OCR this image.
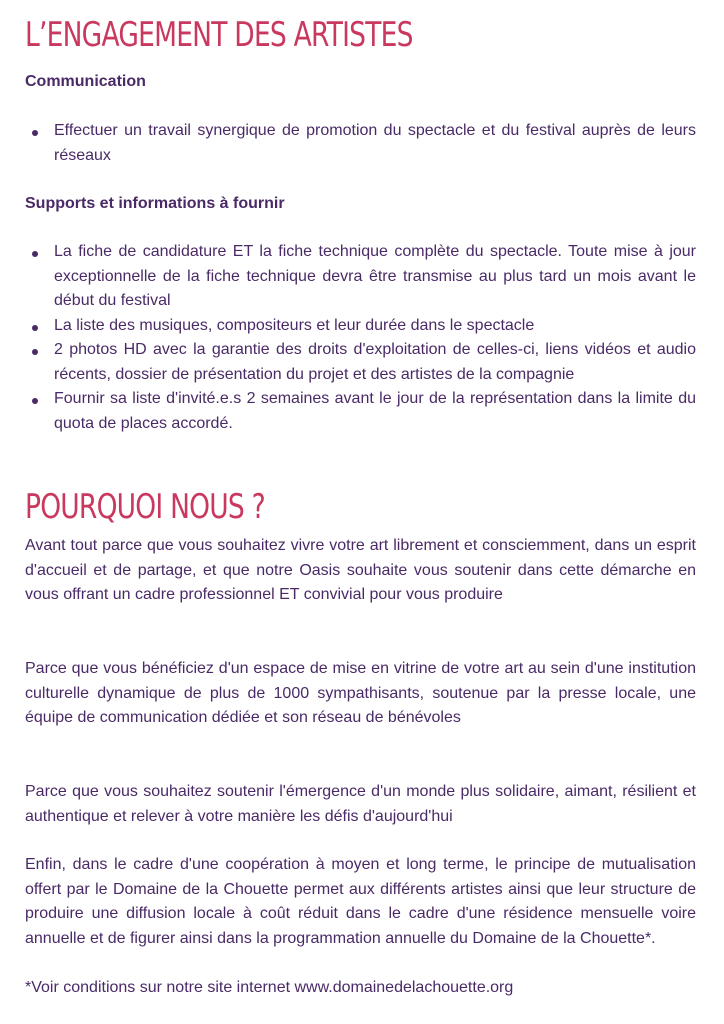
L’ENGAGEMENT DES ARTISTES
Communication
Effectuer un travail synergique de promotion du spectacle et du festival auprès de leurs réseaux
Supports et informations à fournir
La fiche de candidature ET la fiche technique complète du spectacle. Toute mise à jour exceptionnelle de la fiche technique devra être transmise au plus tard un mois avant le début du festival
La liste des musiques, compositeurs et leur durée dans le spectacle
2 photos HD avec la garantie des droits d'exploitation de celles-ci, liens vidéos et audio récents, dossier de présentation du projet et des artistes de la compagnie
Fournir sa liste d'invité.e.s 2 semaines avant le jour de la représentation dans la limite du quota de places accordé.
POURQUOI NOUS ?

Avant tout parce que vous souhaitez vivre votre art librement et consciemment, dans un esprit d'accueil et de partage, et que notre Oasis souhaite vous soutenir dans cette démarche en vous offrant un cadre professionnel ET convivial pour vous produire

Parce que vous bénéficiez d'un espace de mise en vitrine de votre art au sein d'une institution culturelle dynamique de plus de 1000 sympathisants, soutenue par la presse locale, une équipe de communication dédiée et son réseau de bénévoles

Parce que vous souhaitez soutenir l'émergence d'un monde plus solidaire, aimant, résilient et authentique et relever à votre manière les défis d'aujourd'hui

Enfin, dans le cadre d'une coopération à moyen et long terme, le principe de mutualisation offert par le Domaine de la Chouette permet aux différents artistes ainsi que leur structure de produire une diffusion locale à coût réduit dans le cadre d'une résidence mensuelle voire annuelle et de figurer ainsi dans la programmation annuelle du Domaine de la Chouette*.

*Voir conditions sur notre site internet www.domainedelachouette.org
